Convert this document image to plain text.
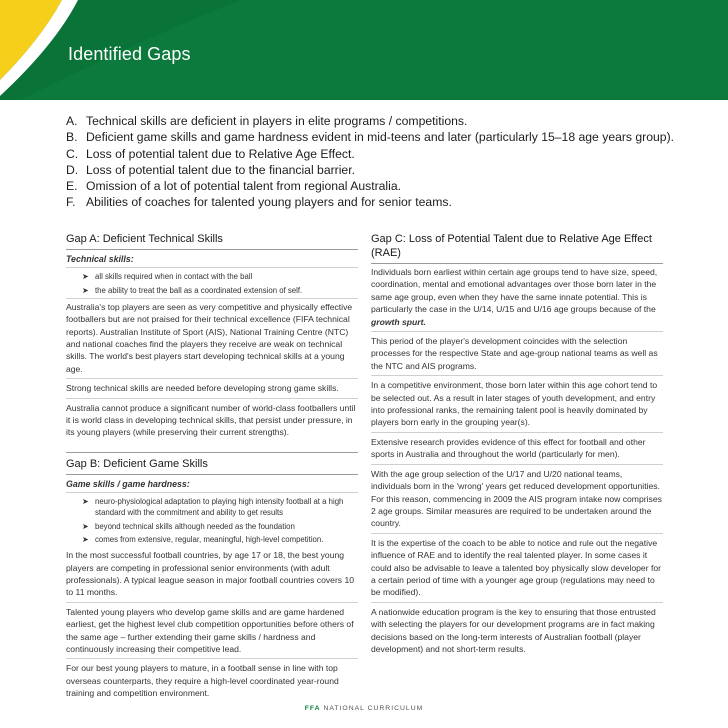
Identified Gaps
A. Technical skills are deficient in players in elite programs / competitions.
B. Deficient game skills and game hardness evident in mid-teens and later (particularly 15–18 age years group).
C. Loss of potential talent due to Relative Age Effect.
D. Loss of potential talent due to the financial barrier.
E. Omission of a lot of potential talent from regional Australia.
F. Abilities of coaches for talented young players and for senior teams.
Gap A: Deficient Technical Skills
Technical skills:
➤ all skills required when in contact with the ball
➤ the ability to treat the ball as a coordinated extension of self.
Australia's top players are seen as very competitive and physically effective footballers but are not praised for their technical excellence (FIFA technical reports). Australian Institute of Sport (AIS), National Training Centre (NTC) and national coaches find the players they receive are weak on technical skills. The world's best players start developing technical skills at a young age.
Strong technical skills are needed before developing strong game skills.
Australia cannot produce a significant number of world-class footballers until it is world class in developing technical skills, that persist under pressure, in its young players (while preserving their current strengths).
Gap B: Deficient Game Skills
Game skills / game hardness:
➤ neuro-physiological adaptation to playing high intensity football at a high standard with the commitment and ability to get results
➤ beyond technical skills although needed as the foundation
➤ comes from extensive, regular, meaningful, high-level competition.
In the most successful football countries, by age 17 or 18, the best young players are competing in professional senior environments (with adult professionals). A typical league season in major football countries covers 10 to 11 months.
Talented young players who develop game skills and are game hardened earliest, get the highest level club competition opportunities before others of the same age – further extending their game skills / hardness and continuously increasing their competitive lead.
For our best young players to mature, in a football sense in line with top overseas counterparts, they require a high-level coordinated year-round training and competition environment.
Gap C: Loss of Potential Talent due to Relative Age Effect (RAE)
Individuals born earliest within certain age groups tend to have size, speed, coordination, mental and emotional advantages over those born later in the same age group, even when they have the same innate potential. This is particularly the case in the U/14, U/15 and U/16 age groups because of the
growth spurt.
This period of the player's development coincides with the selection processes for the respective State and age-group national teams as well as the NTC and AIS programs.
In a competitive environment, those born later within this age cohort tend to be selected out. As a result in later stages of youth development, and entry into professional ranks, the remaining talent pool is heavily dominated by players born early in the grouping year(s).
Extensive research provides evidence of this effect for football and other sports in Australia and throughout the world (particularly for men).
With the age group selection of the U/17 and U/20 national teams, individuals born in the 'wrong' years get reduced development opportunities. For this reason, commencing in 2009 the AIS program intake now comprises 2 age groups. Similar measures are required to be undertaken around the country.
It is the expertise of the coach to be able to notice and rule out the negative influence of RAE and to identify the real talented player. In some cases it could also be advisable to leave a talented boy physically slow developer for a certain period of time with a younger age group (regulations may need to be modified).
A nationwide education program is the key to ensuring that those entrusted with selecting the players for our development programs are in fact making decisions based on the long-term interests of Australian football (player development) and not short-term results.
FFA NATIONAL CURRICULUM
